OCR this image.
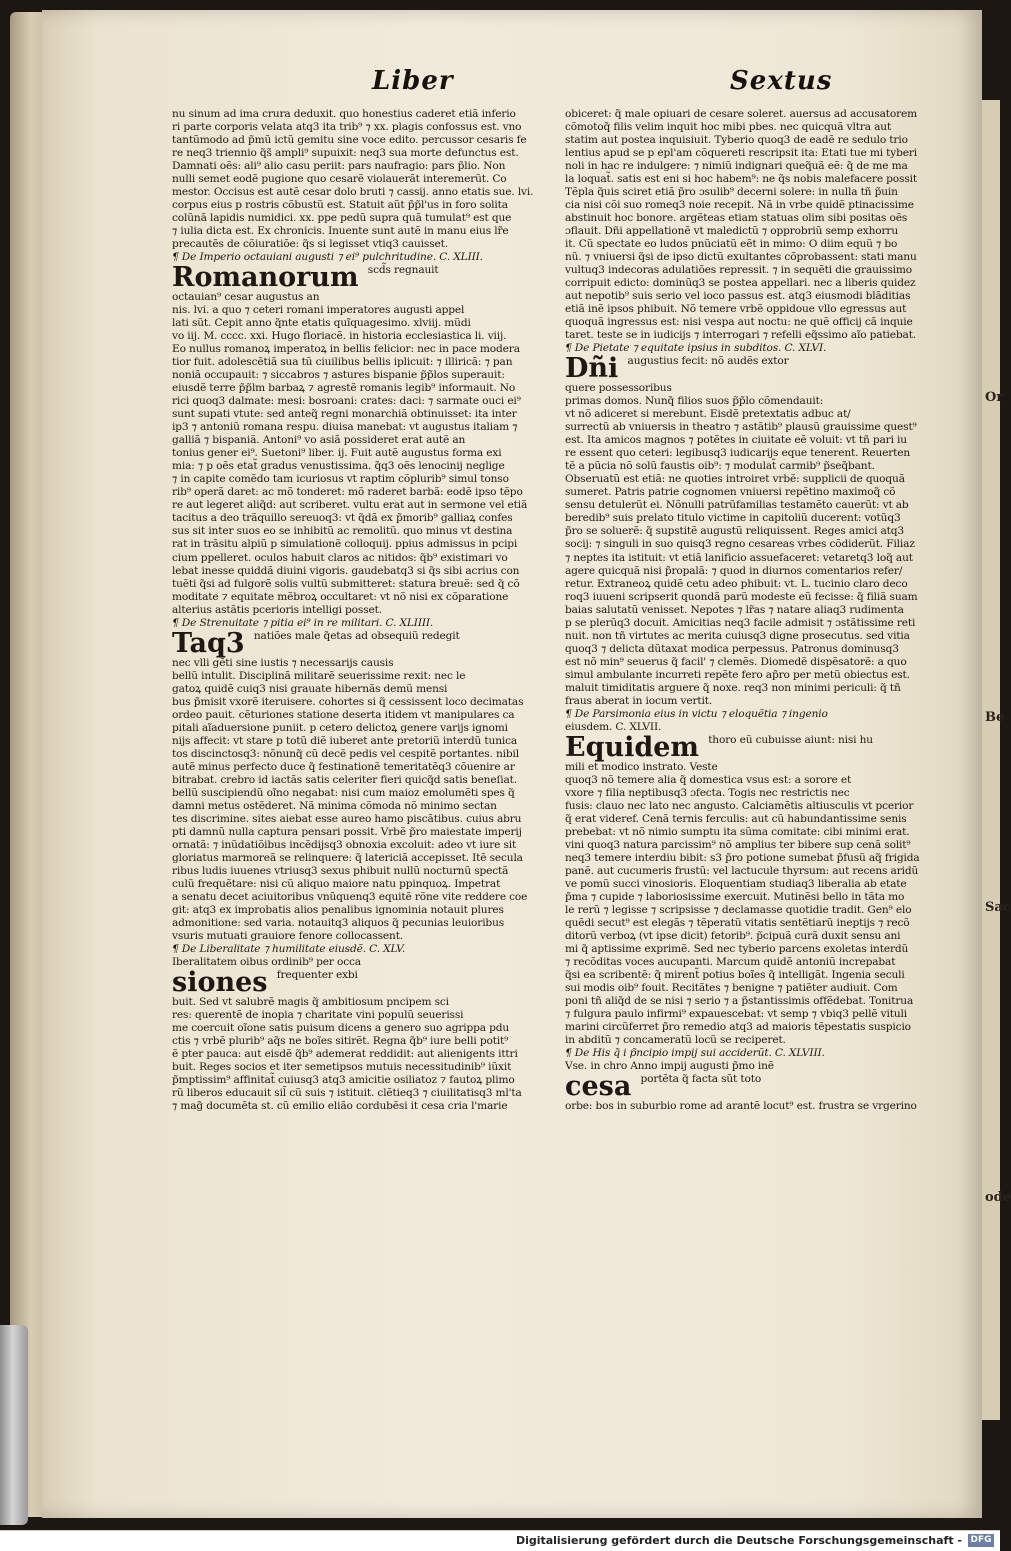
Or
Be
Sac
ode
Liber	Sextus
nu sinum ad ima crura deduxit. quo honestius caderet etiã inferio
ri parte corporis velata atq3 ita trib⁹ ⁊ xx. plagis confossus est. vno
tantũmodo ad p̃mũ ictũ gemitu sine voce edito. percussor cesaris fe
re neq3 triennio q̃s̃ ampli⁹ supuixit: neq3 sua morte defunctus est.
Damnati oẽs: ali⁹ alio casu periit: pars naufragio: pars p̃lio. Non
nulli semet eodẽ pugione quo cesarẽ violauerãt interemerũt. Co
mestor. Occisus est autẽ cesar dolo bruti ⁊ cassij. anno etatis sue. lvi.
corpus eius p rostris cõbustũ est. Statuit aũt p̃p̃l'us in foro solita
colũnã lapidis numidici. xx. ppe pedũ supra quã tumulat⁹ est que
⁊ iulia dicta est. Ex chronicis. Inuente sunt autẽ in manu eius lr̃e
precautẽs de cõiuratiõe: q̃s si legisset vtiq3 cauisset.
¶ De Imperio octauiani augusti ⁊ ei⁹ pulchritudine. C. XLIII.
Romanorum scd̃s regnauit
octauian⁹ cesar augustus an
nis. lvi. a quo ⁊ ceteri romani imperatores augusti appel
lati sũt. Cepit anno q̃nte etatis quĩquagesimo. xlviij. mũdi
vo iij. M. cccc. xxi. Hugo floriacẽ. in historia ecclesiastica li. viij.
Eo nullus romanoꝝ imperatoꝝ in bellis felicior: nec in pace modera
tior fuit. adolescẽtiã sua tũ ciuilibus bellis iplicuit: ⁊ illiricã: ⁊ pan
noniã occupauit: ⁊ siccabros ⁊ astures bispanie p̃p̃los superauit:
eiusdẽ terre p̃p̃lm barbaꝝ ⁊ agrestẽ romanis legib⁹ informauit. No
rici quoq3 dalmate: mesi: bosroani: crates: daci: ⁊ sarmate ouci ei⁹
sunt supati vtute: sed anteq̃ regni monarchiã obtinuisset: ita inter
ip3 ⁊ antoniũ romana respu. diuisa manebat: vt augustus italiam ⁊
galliã ⁊ bispaniã. Antoni⁹ vo asiã possideret erat autẽ an
tonius gener ei⁹. Suetoni⁹ liber. ij. Fuit autẽ augustus forma exi
mia: ⁊ p oẽs etat̃ gradus venustissima. q̃q3 oẽs lenocinij neglige
⁊ in capite comẽdo tam icuriosus vt raptim cõplurib⁹ simul tonso
rib⁹ operã daret: ac mõ tonderet: mõ raderet barbã: eodẽ ipso tẽpo
re aut legeret aliq̃d: aut scriberet. vultu erat aut in sermone vel etiã
tacitus a deo trãquillo sereuoq3: vt q̃dã ex p̃morib⁹ galliaꝝ confes
sus sit inter suos eo se inhibitũ ac remolitũ. quo minus vt destina
rat in trãsitu alpiũ p simulationẽ colloquij. ppius admissus in pcipi
cium ppelleret. oculos habuit claros ac nitidos: q̃b⁹ existimari vo
lebat inesse quiddã diuini vigoris. gaudebatq3 si q̃s sibi acrius con
tuẽti q̃si ad fulgorẽ solis vultũ submitteret: statura breuẽ: sed q̃ cõ
moditate ⁊ equitate mẽbroꝝ occultaret: vt nõ nisi ex cõparatione
alterius astãtis pcerioris intelligi posset.
¶ De Strenuitate ⁊ pitia ei⁹ in re militari. C. XLIIII.
Taq3 natiões male q̃etas ad obsequiũ redegit
nec vlli gẽti sine iustis ⁊ necessarijs causis
bellũ intulit. Disciplinã militarẽ seuerissime rexit: nec le
gatoꝝ quidẽ cuiq3 nisi grauate hibernãs demũ mensi
bus p̃misit vxorẽ iteruisere. cohortes si q̃ cessissent loco decimatas
ordeo pauit. cẽturiones statione deserta itidem vt manipulares ca
pitali aĩaduersione puniit. p cetero delictoꝝ genere varijs ignomi
nijs affecit: vt stare p totũ diẽ iuberet ante pretoriũ interdũ tunica
tos discinctosq3: nõnunq̃ cũ decẽ pedis vel cespitẽ portantes. nibil
autẽ minus perfecto duce q̃ festinationẽ temeritatẽq3 cõuenire ar
bitrabat. crebro id iactãs satis celeriter fieri quicq̃d satis beneſiat.
bellũ suscipiendũ oĩno negabat: nisi cum maioz emolumẽti spes q̃
damni metus ostẽderet. Nã minima cõmoda nõ minimo sectan
tes discrimine. sites aiebat esse aureo hamo piscãtibus. cuius abru
pti damnũ nulla captura pensari possit. Vrbẽ p̃ro maiestate imperij
ornatã: ⁊ inũdatiõibus incẽdijsq3 obnoxia excoluit: adeo vt iure sit
gloriatus marmoreã se relinquere: q̃ latericiã accepisset. Itẽ secula
ribus ludis iuuenes vtriusq3 sexus phibuit nullũ nocturnũ spectã
culũ frequẽtare: nisi cũ aliquo maiore natu ppinquoꝝ. Impetrat
a senatu decet aciuitoribus vnũquenq3 equitẽ rõne vite reddere coe
git: atq3 ex improbatis alios penalibus ignominia notauit plures
admonitione: sed varia. notauitq3 aliquos q̃ pecunias leuioribus
vsuris mutuati grauiore fenore collocassent.
¶ De Liberalitate ⁊ humilitate eiusdẽ. C. XLV.
Iberalitatem oibus ordinib⁹ per occa
siones frequenter exbi
buit. Sed vt salubrẽ magis q̃ ambitiosum pncipem sci
res: querentẽ de inopia ⁊ charitate vini populũ seuerissi
me coercuit oĩone satis puisum dicens a genero suo agrippa pdu
ctis ⁊ vrbẽ plurib⁹ aq̃s ne boĩes sitirẽt. Regna q̃b⁹ iure belli potit⁹
ẽ pter pauca: aut eisdẽ q̃b⁹ ademerat reddidit: aut alienigents ittri
buit. Reges socios et iter semetipsos mutuis necessitudinib⁹ iũxit
p̃mptissim⁹ affinitat̃ cuiusq3 atq3 amicitie osiliatoz ⁊ fautoꝝ plimo
rũ liberos educauit sil̃ cũ suis ⁊ istituit. clẽtieq3 ⁊ ciuilitatisq3 ml'ta
⁊ mag̃ documẽta st. cũ emilio elião cordubẽsi it cesa cria l'marie
obiceret: q̃ male opiuari de cesare soleret. auersus ad accusatorem
cõmotoq̃ filis velim inquit hoc mibi pbes. nec quicquã vltra aut
statim aut postea inquisiuit. Tyberio quoq3 de eadẽ re sedulo trio
lentius apud se p epl'am cõquereti rescripsit ita: Etati tue mi tyberi
noli in hac re indulgere: ⁊ nimiũ indignari queq̃uã eẽ: q̃ de me ma
la loquat̃. satis est eni si hoc habem⁹: ne q̃s nobis malefacere possit
Tẽpla q̃uis sciret etiã p̃ro ɔsulib⁹ decerni solere: in nulla tñ p̃uin
cia nisi cõi suo romeq3 noie recepit. Nã in vrbe quidẽ ptinacissime
abstinuit hoc bonore. argẽteas etiam statuas olim sibi positas oẽs
ɔflauit. Dñi appellationẽ vt maledictũ ⁊ opprobriũ semp exhorru
it. Cũ spectate eo ludos pnũciatũ eẽt in mimo: O diim equũ ⁊ bo
nũ. ⁊ vniuersi q̃si de ipso dictũ exultantes cõprobassent: stati manu
vultuq3 indecoras adulatiões repressit. ⁊ in sequẽti die grauissimo
corripuit edicto: dominũq3 se postea appellari. nec a liberis quidez
aut nepotib⁹ suis serio vel ioco passus est. atq3 eiusmodi blãditias
etiã inẽ ipsos phibuit. Nõ temere vrbẽ oppidoue vllo egressus aut
quoquã ingressus est: nisi vespa aut noctu: ne quẽ officij cã inquie
taret. teste se in iudicijs ⁊ interrogari ⁊ refelli eq̃ssimo aĩo patiebat.
¶ De Pietate ⁊ equitate ipsius in subditos. C. XLVI.
Dñi augustius fecit: nõ audẽs extor
quere possessoribus
primas domos. Nunq̃ filios suos p̃p̃lo cõmendauit:
vt nõ adiceret si merebunt. Eisdẽ pretextatis adbuc at/
surrectũ ab vniuersis in theatro ⁊ astãtib⁹ plausũ grauissime quest⁹
est. Ita amicos magnos ⁊ potẽtes in ciuitate eẽ voluit: vt tñ pari iu
re essent quo ceteri: legibusq3 iudicarijs eque tenerent. Reuerten
tẽ a pũcia nõ solũ faustis oib⁹: ⁊ modulat̃ carmib⁹ p̃seq̃bant.
Obseruatũ est etiã: ne quoties introiret vrbẽ: supplicii de quoquã
sumeret. Patris patrie cognomen vniuersi repẽtino maximoq̃ cõ
sensu detulerũt ei. Nõnulli patrũfamilias testamẽto cauerũt: vt ab
beredib⁹ suis prelato titulo victime in capitoliũ ducerent: votũq3
p̃ro se soluerẽ: q̃ supstitẽ augustũ reliquissent. Reges amici atq3
socij: ⁊ singuli in suo quisq3 regno cesareas vrbes cõdiderũt. Filiaz
⁊ neptes ita istituit: vt etiã lanificio assuefaceret: vetaretq3 loq̃ aut
agere quicquã nisi p̃ropalã: ⁊ quod in diurnos comentarios refer/
retur. Extraneoꝝ quidẽ cetu adeo phibuit: vt. L. tucinio claro deco
roq3 iuueni scripserit quondã parũ modeste eũ fecisse: q̃ filiã suam
baias salutatũ venisset. Nepotes ⁊ lr̃as ⁊ natare aliaq3 rudimenta
p se plerũq3 docuit. Amicitias neq3 facile admisit ⁊ ɔstãtissime reti
nuit. non tñ virtutes ac merita cuiusq3 digne prosecutus. sed vitia
quoq3 ⁊ delicta dũtaxat modica perpessus. Patronus dominusq3
est nõ min⁹ seuerus q̃ facil' ⁊ clemẽs. Diomedẽ dispẽsatorẽ: a quo
simul ambulante incurreti repẽte fero ap̃ro per metũ obiectus est.
maluit timiditatis arguere q̃ noxe. req3 non minimi periculi: q̃ tñ
fraus aberat in iocum vertit.
¶ De Parsimonia eius in victu ⁊ eloquẽtia ⁊ ingenio
eiusdem. C. XLVII.
Equidem thoro eũ cubuisse aiunt: nisi hu
mili et modico instrato. Veste
quoq3 nõ temere alia q̃ domestica vsus est: a sorore et
vxore ⁊ filia neptibusq3 ɔfecta. Togis nec restrictis nec
fusis: clauo nec lato nec angusto. Calciamẽtis altiusculis vt pcerior
q̃ erat videref. Cenã ternis ferculis: aut cũ habundantissime senis
prebebat: vt nõ nimio sumptu ita sũma comitate: cibi minimi erat.
vini quoq3 natura parcissim⁹ nõ amplius ter bibere sup cenã solit⁹
neq3 temere interdiu bibit: s3 p̃ro potione sumebat p̃fusũ aq̃ frigida
panẽ. aut cucumeris frustũ: vel lactucule thyrsum: aut recens aridũ
ve pomũ succi vinosioris. Eloquentiam studiaq3 liberalia ab etate
p̃ma ⁊ cupide ⁊ laboriosissime exercuit. Mutinẽsi bello in tãta mo
le rerũ ⁊ legisse ⁊ scripsisse ⁊ declamasse quotidie tradit. Gen⁹ elo
quẽdi secut⁹ est elegãs ⁊ tẽperatũ vitatis sentẽtiarũ ineptijs ⁊ recõ
ditorũ verboꝝ (vt ipse dicit) fetorib⁹. p̃cipuã curã duxit sensu ani
mi q̃ aptissime exprimẽ. Sed nec tyberio parcens exoletas interdũ
⁊ recõditas voces aucupanti. Marcum quidẽ antoniũ increpabat
q̃si ea scribentẽ: q̃ mirent̃ potius boĩes q̃ intelligãt. Ingenia seculi
sui modis oib⁹ fouit. Recitãtes ⁊ benigne ⁊ patiẽter audiuit. Com
poni tñ aliq̃d de se nisi ⁊ serio ⁊ a p̃stantissimis offẽdebat. Tonitrua
⁊ fulgura paulo infirmi⁹ expauescebat: vt semp ⁊ vbiq3 pellẽ vituli
marini circũferret p̃ro remedio atq3 ad maioris tẽpestatis suspicio
in abditũ ⁊ concameratũ locũ se reciperet.
¶ De His q̃ i p̃ncipio impij sui acciderũt. C. XLVIII.
Vse. in chro Anno impij augusti p̃mo inẽ
cesa portẽta q̃ facta sũt toto
orbe: bos in suburbio rome ad arantẽ locut⁹ est. frustra se vrgerino
Digitalisierung gefördert durch die Deutsche Forschungsgemeinschaft - DFG
